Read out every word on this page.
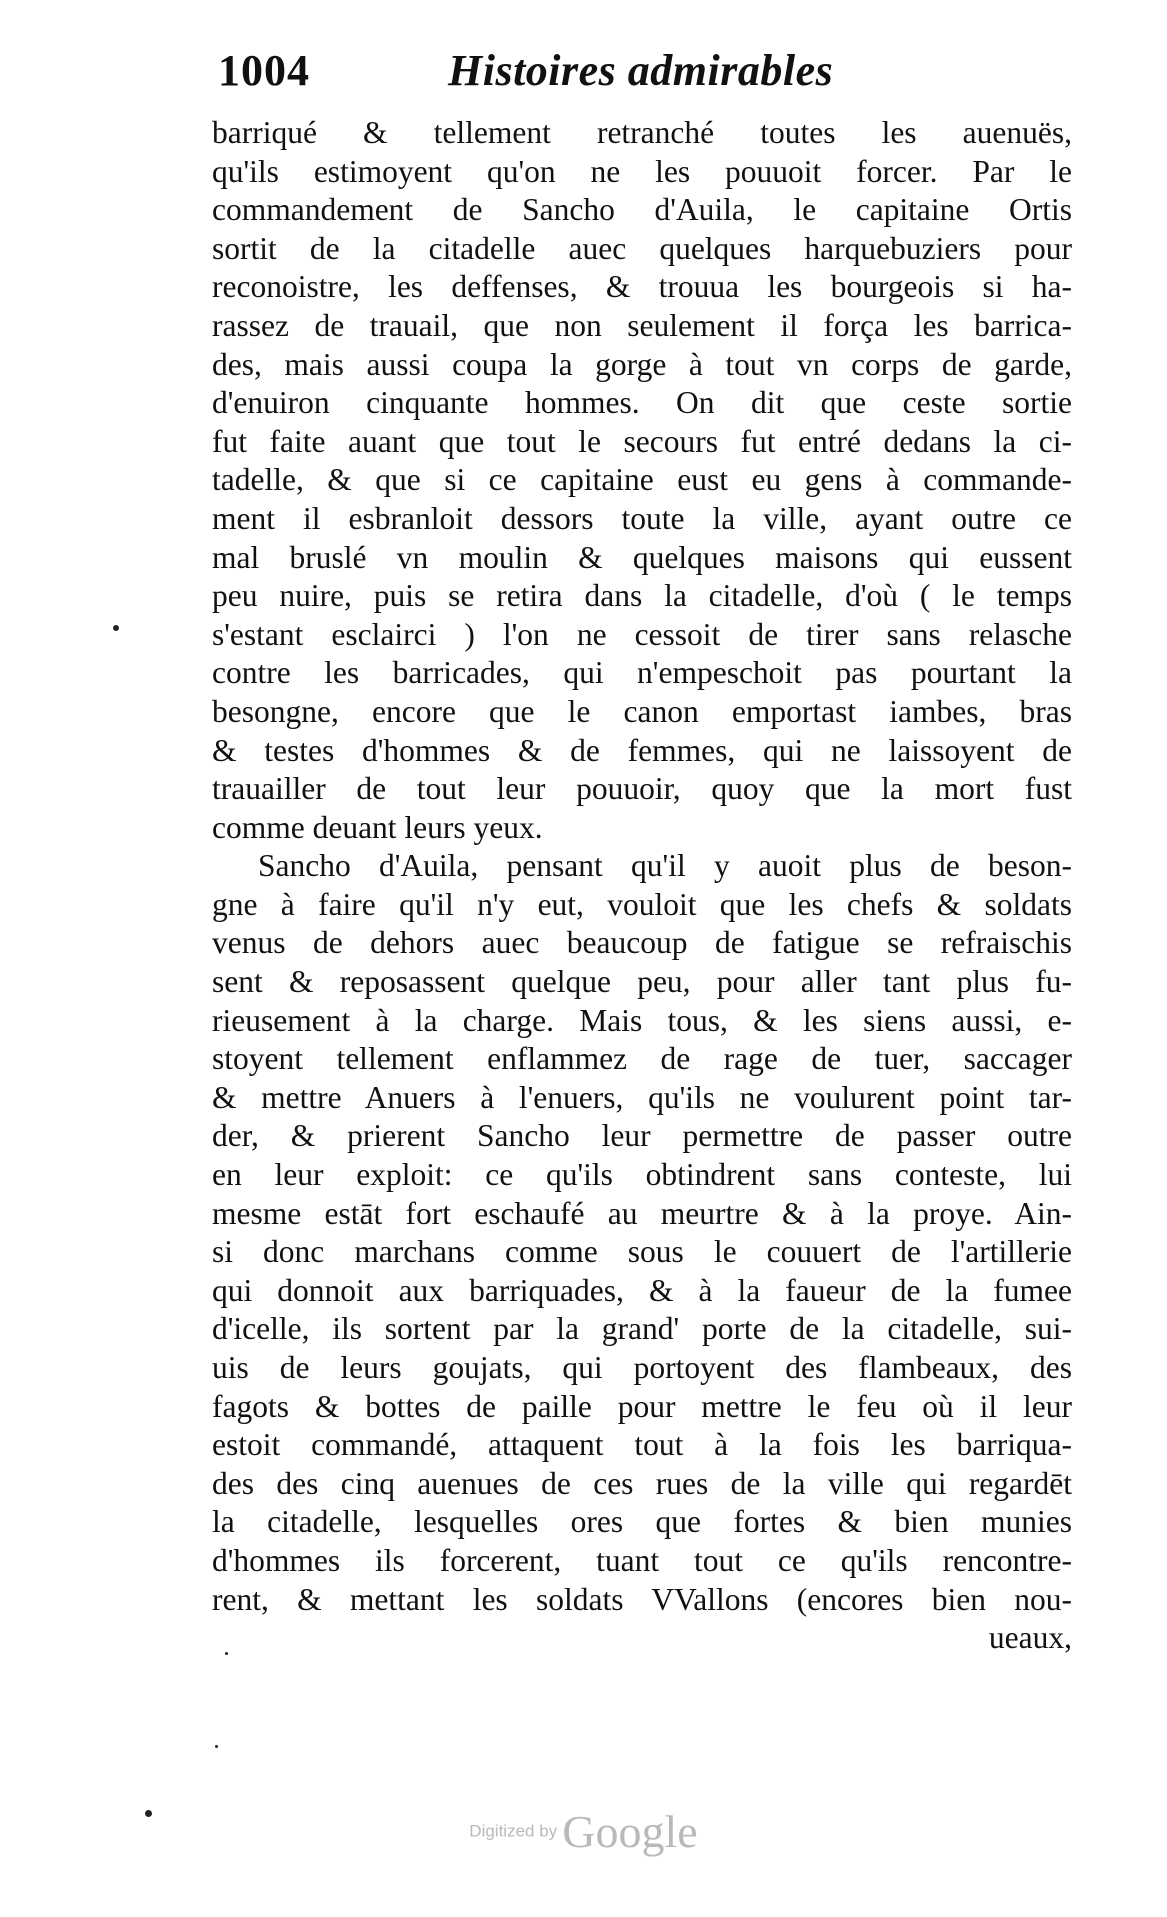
1004	Histoires admirables
barriqué & tellement retranché toutes les auenuës,
qu'ils estimoyent qu'on ne les pouuoit forcer. Par le
commandement de Sancho d'Auila, le capitaine Ortis
sortit de la citadelle auec quelques harquebuziers pour
reconoistre, les deffenses, & trouua les bourgeois si ha-
rassez de trauail, que non seulement il força les barrica-
des, mais aussi coupa la gorge à tout vn corps de garde,
d'enuiron cinquante hommes. On dit que ceste sortie
fut faite auant que tout le secours fut entré dedans la ci-
tadelle, & que si ce capitaine eust eu gens à commande-
ment il esbranloit dessors toute la ville, ayant outre ce
mal bruslé vn moulin & quelques maisons qui eussent
peu nuire, puis se retira dans la citadelle, d'où ( le temps
s'estant esclairci ) l'on ne cessoit de tirer sans relasche
contre les barricades, qui n'empeschoit pas pourtant la
besongne, encore que le canon emportast iambes, bras
& testes d'hommes & de femmes, qui ne laissoyent de
trauailler de tout leur pouuoir, quoy que la mort fust
comme deuant leurs yeux.
Sancho d'Auila, pensant qu'il y auoit plus de beson-
gne à faire qu'il n'y eut, vouloit que les chefs & soldats
venus de dehors auec beaucoup de fatigue se refraischis
sent & reposassent quelque peu, pour aller tant plus fu-
rieusement à la charge. Mais tous, & les siens aussi, e-
stoyent tellement enflammez de rage de tuer, saccager
& mettre Anuers à l'enuers, qu'ils ne voulurent point tar-
der, & prierent Sancho leur permettre de passer outre
en leur exploit: ce qu'ils obtindrent sans conteste, lui
mesme estāt fort eschaufé au meurtre & à la proye. Ain-
si donc marchans comme sous le couuert de l'artillerie
qui donnoit aux barriquades, & à la faueur de la fumee
d'icelle, ils sortent par la grand' porte de la citadelle, sui-
uis de leurs goujats, qui portoyent des flambeaux, des
fagots & bottes de paille pour mettre le feu où il leur
estoit commandé, attaquent tout à la fois les barriqua-
des des cinq auenues de ces rues de la ville qui regardēt
la citadelle, lesquelles ores que fortes & bien munies
d'hommes ils forcerent, tuant tout ce qu'ils rencontre-
rent, & mettant les soldats VVallons (encores bien nou-
ueaux,
Digitized by Google
